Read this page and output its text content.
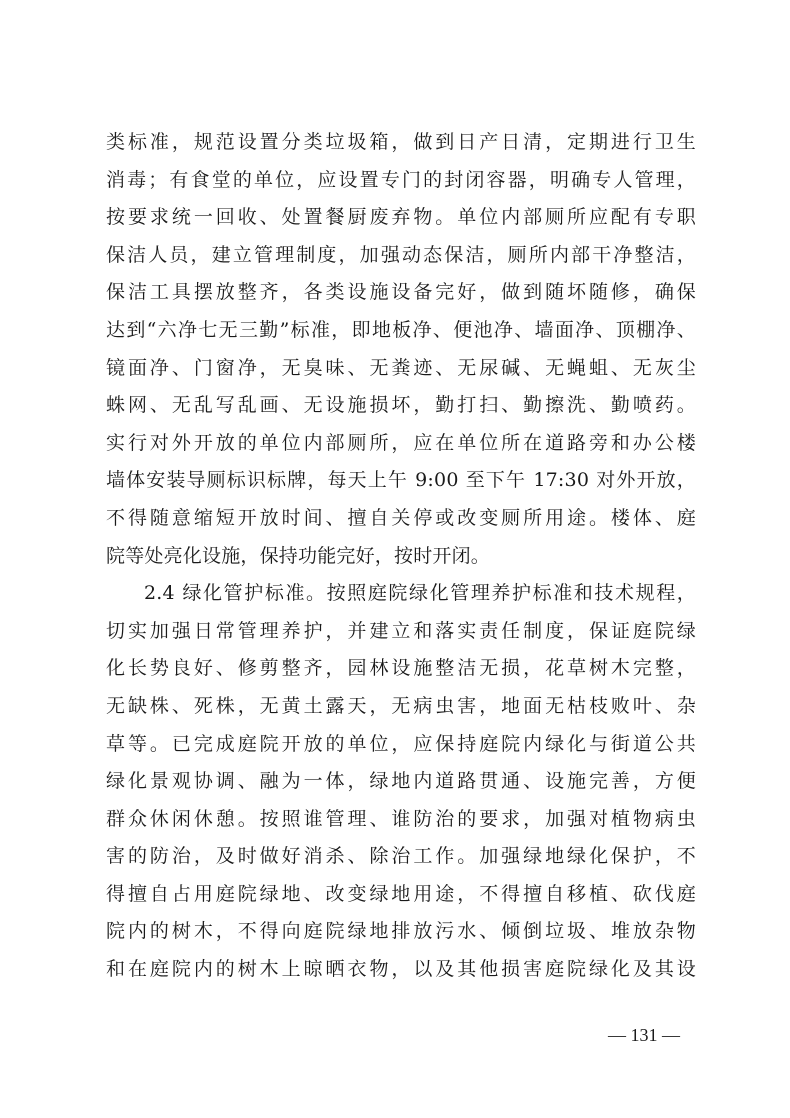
类标准，规范设置分类垃圾箱，做到日产日清，定期进行卫生
消毒；有食堂的单位，应设置专门的封闭容器，明确专人管理，
按要求统一回收、处置餐厨废弃物。单位内部厕所应配有专职
保洁人员，建立管理制度，加强动态保洁，厕所内部干净整洁，
保洁工具摆放整齐，各类设施设备完好，做到随坏随修，确保
达到“六净七无三勤”标准，即地板净、便池净、墙面净、顶棚净、
镜面净、门窗净，无臭味、无粪迹、无尿碱、无蝇蛆、无灰尘
蛛网、无乱写乱画、无设施损坏，勤打扫、勤擦洗、勤喷药。
实行对外开放的单位内部厕所，应在单位所在道路旁和办公楼
墙体安装导厕标识标牌，每天上午 9:00 至下午 17:30 对外开放，
不得随意缩短开放时间、擅自关停或改变厕所用途。楼体、庭
院等处亮化设施，保持功能完好，按时开闭。
2.4 绿化管护标准。按照庭院绿化管理养护标准和技术规程，
切实加强日常管理养护，并建立和落实责任制度，保证庭院绿
化长势良好、修剪整齐，园林设施整洁无损，花草树木完整，
无缺株、死株，无黄土露天，无病虫害，地面无枯枝败叶、杂
草等。已完成庭院开放的单位，应保持庭院内绿化与街道公共
绿化景观协调、融为一体，绿地内道路贯通、设施完善，方便
群众休闲休憩。按照谁管理、谁防治的要求，加强对植物病虫
害的防治，及时做好消杀、除治工作。加强绿地绿化保护，不
得擅自占用庭院绿地、改变绿地用途，不得擅自移植、砍伐庭
院内的树木，不得向庭院绿地排放污水、倾倒垃圾、堆放杂物
和在庭院内的树木上晾晒衣物，以及其他损害庭院绿化及其设
— 131 —
